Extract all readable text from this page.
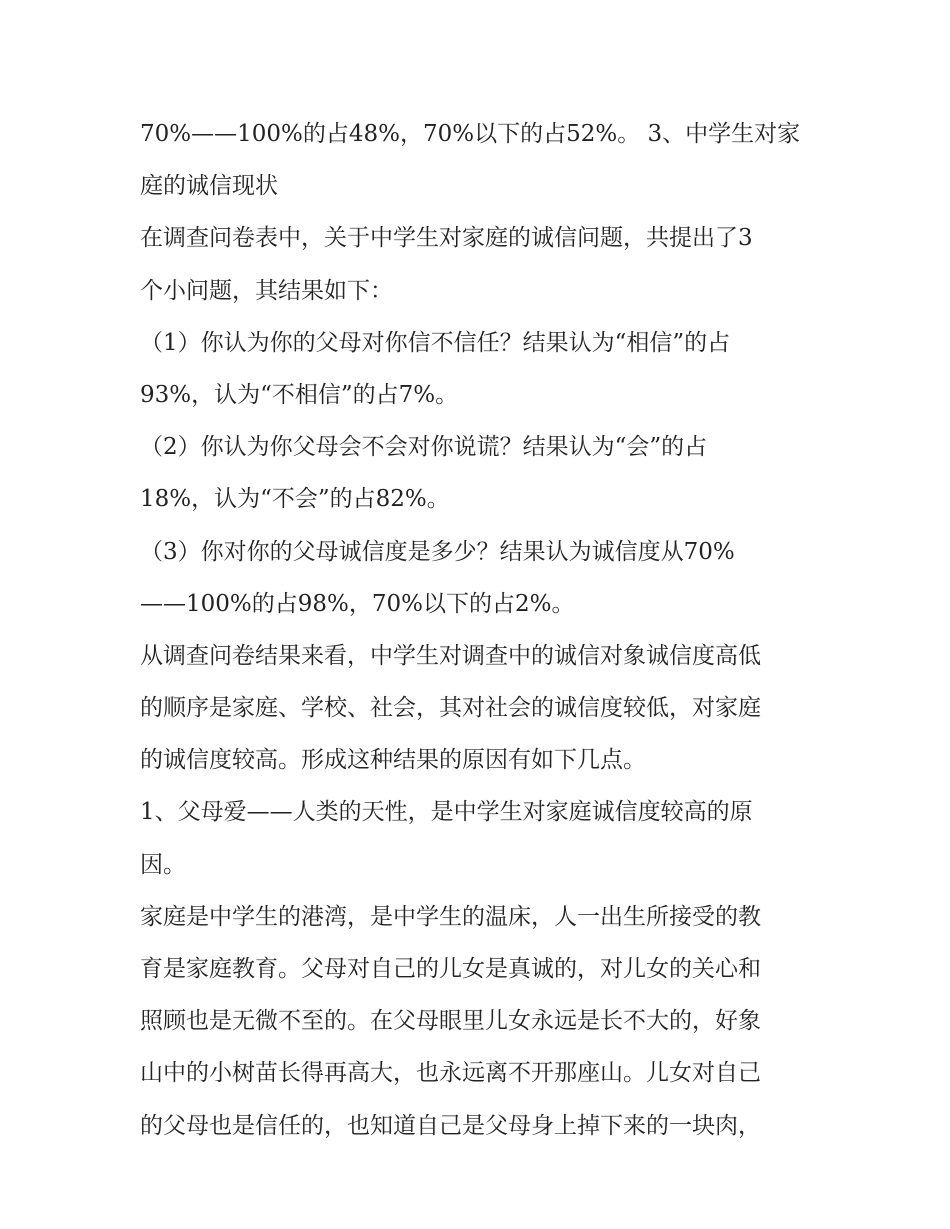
70%——100%的占48%，70%以下的占52%。 3、中学生对家
庭的诚信现状
在调查问卷表中，关于中学生对家庭的诚信问题，共提出了3
个小问题，其结果如下：
（1）你认为你的父母对你信不信任？结果认为“相信”的占
93%，认为“不相信”的占7%。
（2）你认为你父母会不会对你说谎？结果认为“会”的占
18%，认为“不会”的占82%。
（3）你对你的父母诚信度是多少？结果认为诚信度从70%
——100%的占98%，70%以下的占2%。
从调查问卷结果来看，中学生对调查中的诚信对象诚信度高低
的顺序是家庭、学校、社会，其对社会的诚信度较低，对家庭
的诚信度较高。形成这种结果的原因有如下几点。
1、父母爱——人类的天性，是中学生对家庭诚信度较高的原
因。
家庭是中学生的港湾，是中学生的温床，人一出生所接受的教
育是家庭教育。父母对自己的儿女是真诚的，对儿女的关心和
照顾也是无微不至的。在父母眼里儿女永远是长不大的，好象
山中的小树苗长得再高大，也永远离不开那座山。儿女对自己
的父母也是信任的，也知道自己是父母身上掉下来的一块肉，
